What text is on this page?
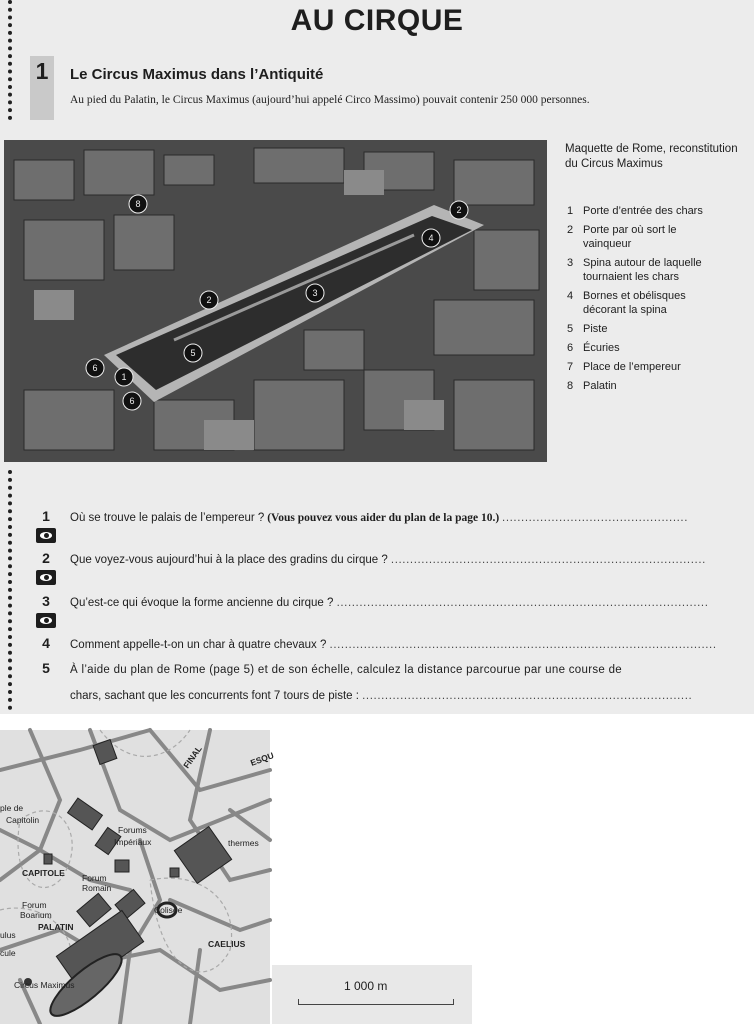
AU CIRQUE
1	Le Circus Maximus dans l’Antiquité
Au pied du Palatin, le Circus Maximus (aujourd’hui appelé Circo Massimo) pouvait contenir 250 000 personnes.
8
2
4
2
3
5
6
1
6
Maquette de Rome, reconstitution du Circus Maximus
1 Porte d’entrée des chars
2 Porte par où sort le vainqueur
3 Spina autour de laquelle tournaient les chars
4 Bornes et obélisques décorant la spina
5 Piste
6 Écuries
7 Place de l’empereur
8 Palatin
1	Où se trouve le palais de l’empereur ? (Vous pouvez vous aider du plan de la page 10.) .................................................
2	Que voyez-vous aujourd’hui à la place des gradins du cirque ? ...................................................................................
3	Qu’est-ce qui évoque la forme ancienne du cirque ? ..................................................................................................
4	Comment appelle-t-on un char à quatre chevaux ? ......................................................................................................
5	À l’aide du plan de Rome (page 5) et de son échelle, calculez la distance parcourue par une course de
chars, sachant que les concurrents font 7 tours de piste : .......................................................................................
FINAL	ESQU
ple de
Capitolin
Forums
Impériaux	thermes
CAPITOLE Forum
Romain
Forum
Boarium
PALATIN
Colisée
CAELIUS
Circus Maximus
ulus
cule
1 000 m
